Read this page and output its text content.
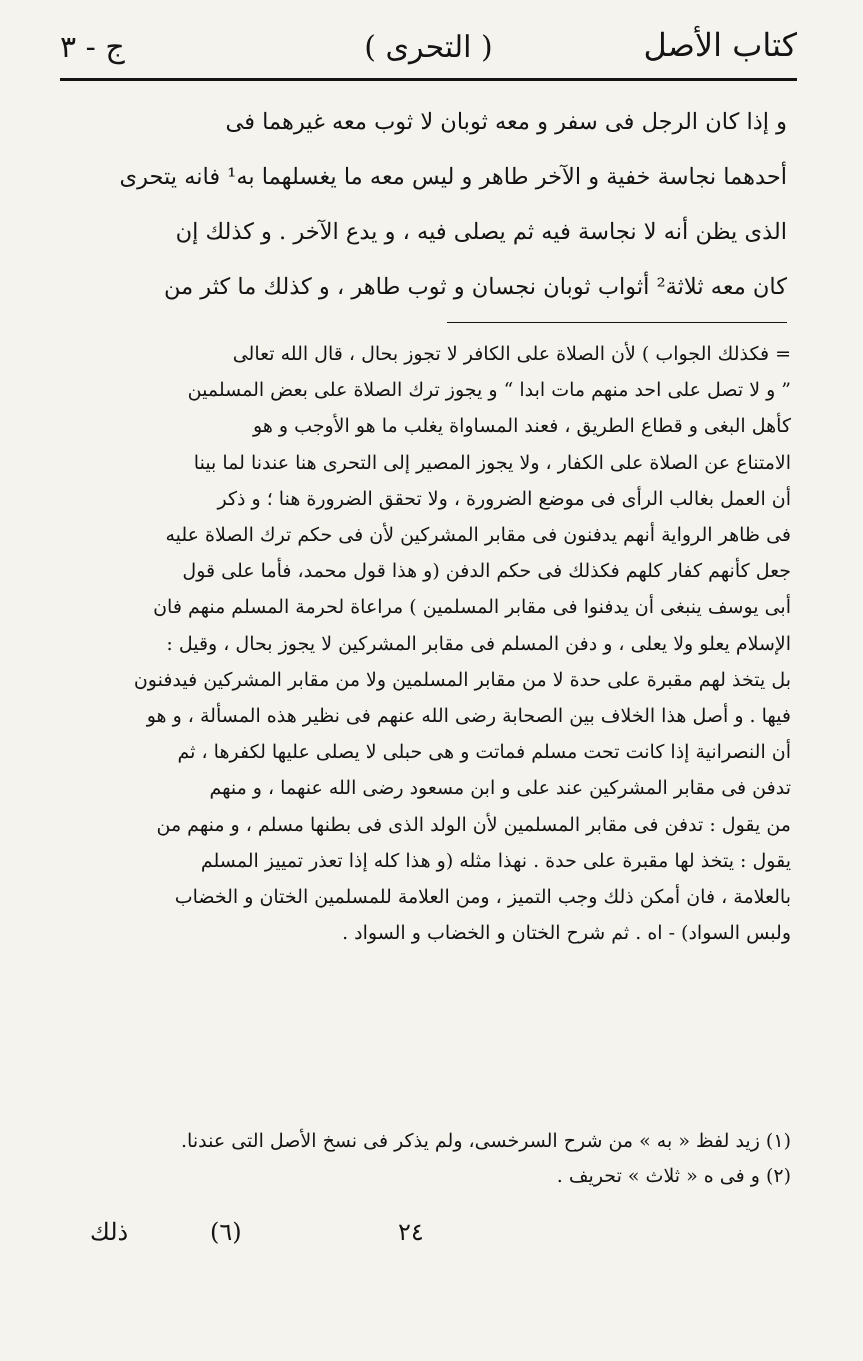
ج - ٣	( التحرى )	كتاب الأصل
و إذا كان الرجل فى سفر و معه ثوبان لا ثوب معه غيرهما فى
أحدهما نجاسة خفية و الآخر طاهر و ليس معه ما يغسلهما به¹ فانه يتحرى
الذى يظن أنه لا نجاسة فيه ثم يصلى فيه ، و يدع الآخر . و كذلك إن
كان معه ثلاثة² أثواب ثوبان نجسان و ثوب طاهر ، و كذلك ما كثر من
= فكذلك الجواب ) لأن الصلاة على الكافر لا تجوز بحال ، قال الله تعالى
” و لا تصل على احد منهم مات ابدا “ و يجوز ترك الصلاة على بعض المسلمين
كأهل البغى و قطاع الطريق ، فعند المساواة يغلب ما هو الأوجب و هو
الامتناع عن الصلاة على الكفار ، ولا يجوز المصير إلى التحرى هنا عندنا لما بينا
أن العمل بغالب الرأى فى موضع الضرورة ، ولا تحقق الضرورة هنا ؛ و ذكر
فى ظاهر الرواية أنهم يدفنون فى مقابر المشركين لأن فى حكم ترك الصلاة عليه
جعل كأنهم كفار كلهم فكذلك فى حكم الدفن (و هذا قول محمد، فأما على قول
أبى يوسف ينبغى أن يدفنوا فى مقابر المسلمين ) مراعاة لحرمة المسلم منهم فان
الإسلام يعلو ولا يعلى ، و دفن المسلم فى مقابر المشركين لا يجوز بحال ، وقيل :
بل يتخذ لهم مقبرة على حدة لا من مقابر المسلمين ولا من مقابر المشركين فيدفنون
فيها . و أصل هذا الخلاف بين الصحابة رضى الله عنهم فى نظير هذه المسألة ، و هو
أن النصرانية إذا كانت تحت مسلم فماتت و هى حبلى لا يصلى عليها لكفرها ، ثم
تدفن فى مقابر المشركين عند على و ابن مسعود رضى الله عنهما ، و منهم
من يقول : تدفن فى مقابر المسلمين لأن الولد الذى فى بطنها مسلم ، و منهم من
يقول : يتخذ لها مقبرة على حدة . نهذا مثله (و هذا كله إذا تعذر تمييز المسلم
بالعلامة ، فان أمكن ذلك وجب التميز ، ومن العلامة للمسلمين الختان و الخضاب
ولبس السواد) - اه . ثم شرح الختان و الخضاب و السواد .
(١) زيد لفظ « به » من شرح السرخسى، ولم يذكر فى نسخ الأصل التى عندنا.
(٢) و فى ه « ثلاث » تحريف .
ذلك	(٦)	٢٤
